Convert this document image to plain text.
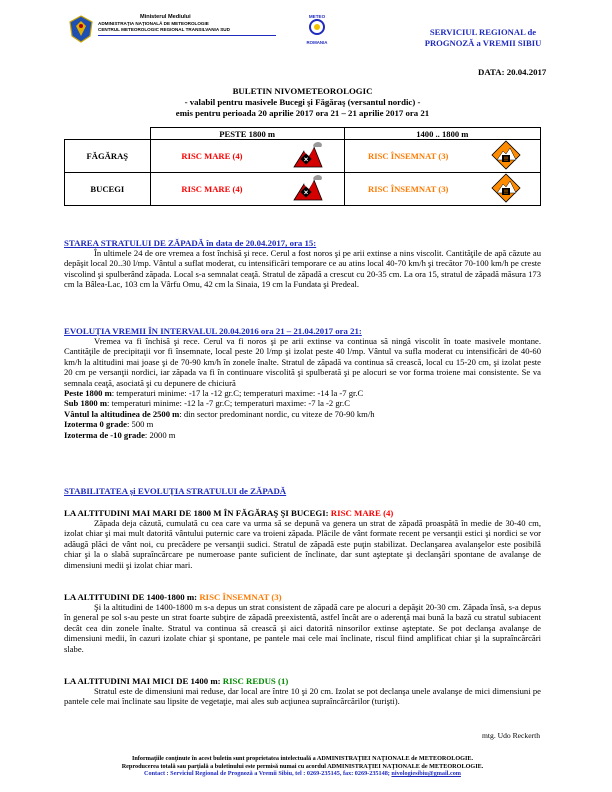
Ministerul Mediului
ADMINISTRAȚIA NAȚIONALĂ DE METEOROLOGIE
CENTRUL METEOROLOGIC REGIONAL TRANSILVANIA SUD
METEO
ROMANIA
SERVICIUL REGIONAL de
PROGNOZĂ a VREMII SIBIU
DATA: 20.04.2017
BULETIN NIVOMETEOROLOGIC
- valabil pentru masivele Bucegi şi Făgăraş (versantul nordic) -
emis pentru perioada 20 aprilie 2017 ora 21 – 21 aprilie 2017 ora 21
	PESTE 1800 m		1400 .. 1800 m	
FĂGĂRAŞ	RISC MARE (4)	✕	RISC ÎNSEMNAT (3)	!!

BUCEGI	RISC MARE (4)	✕	RISC ÎNSEMNAT (3)	!!
STAREA STRATULUI DE ZĂPADĂ în data de 20.04.2017, ora 15:

În ultimele 24 de ore vremea a fost închisă şi rece. Cerul a fost noros şi pe arii extinse a nins viscolit. Cantităţile de apă căzute au depăşit local 20..30 l/mp. Vântul a suflat moderat, cu intensificări temporare ce au atins local 40-70 km/h şi trecător 70-100 km/h pe creste viscolind şi spulberând zăpada. Local s-a semnalat ceaţă. Stratul de zăpadă a crescut cu 20-35 cm. La ora 15, stratul de zăpadă măsura 173 cm la Bâlea-Lac, 103 cm la Vârfu Omu, 42 cm la Sinaia, 19 cm la Fundata şi Predeal.

EVOLUȚIA VREMII ÎN INTERVALUL 20.04.2016 ora 21 – 21.04.2017 ora 21:

Vremea va fi închisă şi rece. Cerul va fi noros şi pe arii extinse va continua să ningă viscolit în toate masivele montane. Cantităţile de precipitaţii vor fi însemnate, local peste 20 l/mp şi izolat peste 40 l/mp. Vântul va sufla moderat cu intensificări de 40-60 km/h la altitudini mai joase şi de 70-90 km/h în zonele înalte. Stratul de zăpadă va continua să crească, local cu 15-20 cm, şi izolat peste 20 cm pe versanţii nordici, iar zăpada va fi în continuare viscolită şi spulberată şi pe alocuri se vor forma troiene mai consistente. Se va semnala ceaţă, asociată şi cu depunere de chiciură

Peste 1800 m: temperaturi minime: -17 la -12 gr.C; temperaturi maxime: -14 la -7 gr.C
Sub 1800 m: temperaturi minime: -12 la -7 gr.C; temperaturi maxime: -7 la -2 gr.C
Vântul la altitudinea de 2500 m: din sector predominant nordic, cu viteze de 70-90 km/h
Izoterma 0 grade: 500 m
Izoterma de -10 grade: 2000 m
STABILITATEA şi EVOLUŢIA STRATULUI de ZĂPADĂ
LA ALTITUDINI MAI MARI DE 1800 M ÎN FĂGĂRAŞ ŞI BUCEGI: RISC MARE (4)

Zăpada deja căzută, cumulată cu cea care va urma să se depună va genera un strat de zăpadă proaspătă în medie de 30-40 cm, izolat chiar şi mai mult datorită vântului puternic care va troieni zăpada. Plăcile de vânt formate recent pe versanţii estici şi nordici se vor adăugă plăci de vânt noi, cu precădere pe versanţii sudici. Stratul de zăpadă este puţin stabilizat. Declanşarea avalanşelor este posibilă chiar şi la o slabă supraîncărcare pe numeroase pante suficient de înclinate, dar sunt aşteptate şi declanşări spontane de avalanşe de dimensiuni medii şi izolat chiar mari.

LA ALTITUDINI DE 1400-1800 m: RISC ÎNSEMNAT (3)

Şi la altitudini de 1400-1800 m s-a depus un strat consistent de zăpadă care pe alocuri a depăşit 20-30 cm. Zăpada însă, s-a depus în general pe sol s-au peste un strat foarte subţire de zăpadă preexistentă, astfel încât are o aderenţă mai bună la bază cu stratul subiacent decât cea din zonele înalte. Stratul va continua să crească şi aici datorită ninsorilor extinse aşteptate. Se pot declanşa avalanşe de dimensiuni medii, în cazuri izolate chiar şi spontane, pe pantele mai cele mai înclinate, riscul fiind amplificat chiar şi la supraîncărcări slabe.

LA ALTITUDINI MAI MICI DE 1400 m: RISC REDUS (1)

Stratul este de dimensiuni mai reduse, dar local are între 10 şi 20 cm. Izolat se pot declanşa unele avalanşe de mici dimensiuni pe pantele cele mai înclinate sau lipsite de vegetaţie, mai ales sub acţiunea supraîncărcărilor (turişti).

mtg. Udo Reckerth
Informaţiile conţinute în acest buletin sunt proprietatea intelectuală a ADMINISTRAŢIEI NAŢIONALE de METEOROLOGIE.
Reproducerea totală sau parţială a buletinului este permisă numai cu acordul ADMINISTRAŢIEI NAŢIONALE de METEOROLOGIE.
Contact : Serviciul Regional de Prognoză a Vremii Sibiu, tel : 0269-235145, fax: 0269-235148; nivologiesibiu@gmail.com
